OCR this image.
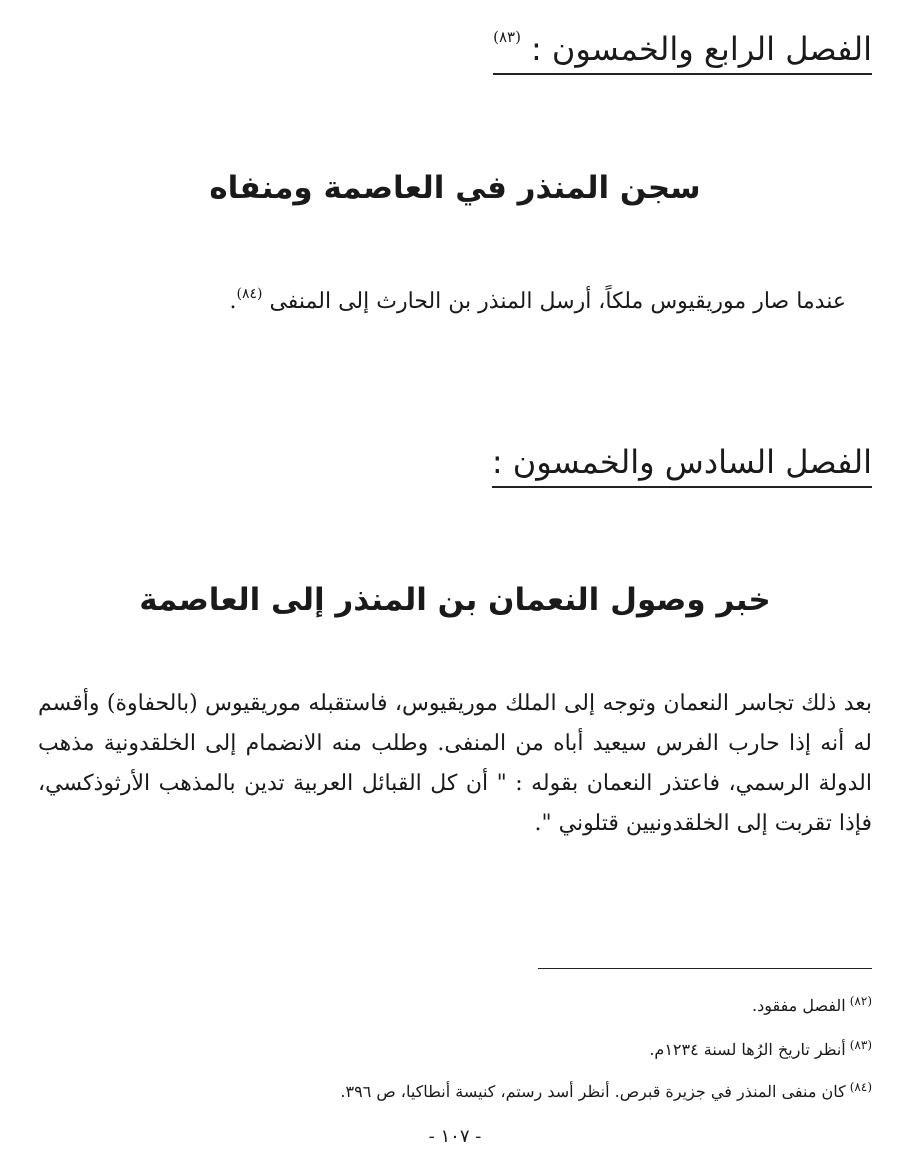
الفصل الرابع والخمسون :$^{(٨٣)}$
سجن المنذر في العاصمة ومنفاه
عندما صار موريقيوس ملكاً، أرسل المنذر بن الحارث إلى المنفى $^{(٨٤)}$.
الفصل السادس والخمسون :
خبر وصول النعمان بن المنذر إلى العاصمة
بعد ذلك تجاسر النعمان وتوجه إلى الملك موريقيوس، فاستقبله موريقيوس (بالحفاوة) وأقسم له أنه إذا حارب الفرس سيعيد أباه من المنفى. وطلب منه الانضمام إلى الخلقدونية مذهب الدولة الرسمي، فاعتذر النعمان بقوله : " أن كل القبائل العربية تدين بالمذهب الأرثوذكسي، فإذا تقربت إلى الخلقدونيين قتلوني ".
$^{(٨٢)}$الفصل مفقود.
$^{(٨٣)}$أنظر تاريخ الرُها لسنة ١٢٣٤م.
$^{(٨٤)}$كان منفى المنذر في جزيرة قبرص. أنظر أسد رستم، كنيسة أنطاكيا، ص ٣٩٦.
- ١٠٧ -
